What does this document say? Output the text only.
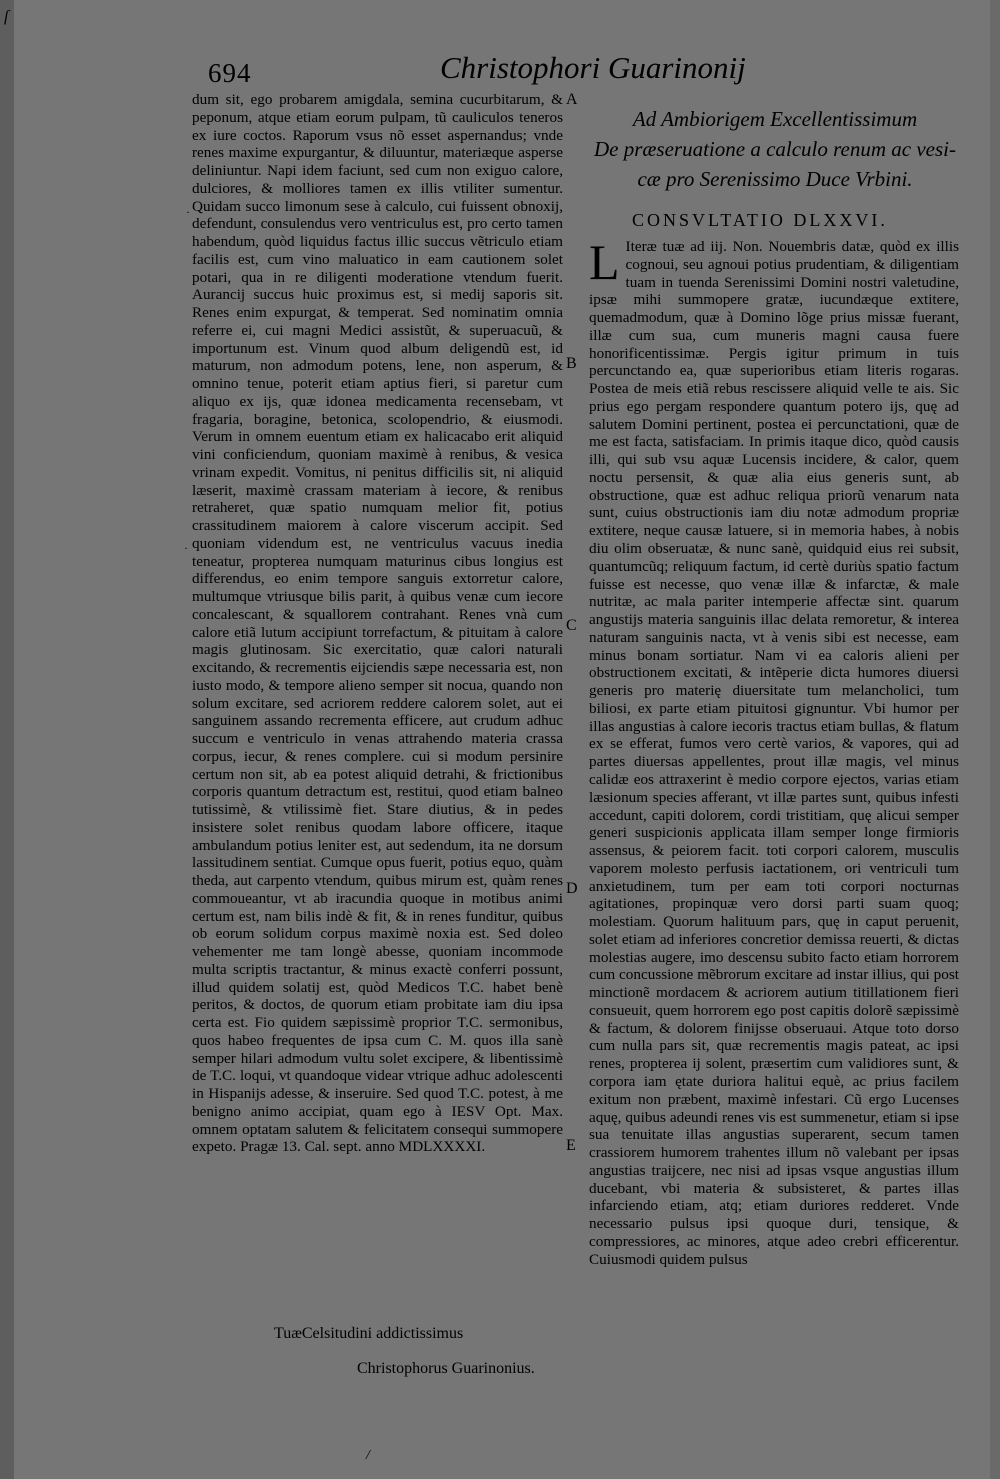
ſ
694	Christophori Guarinonij

dum sit, ego probarem amigdala, semina cucurbitarum, & peponum, atque etiam eorum pulpam, tũ cauliculos teneros ex iure coctos. Raporum vsus nõ esset aspernandus; vnde renes maxime expurgantur, & diluuntur, materiæque asperse deliniuntur. Napi idem faciunt, sed cum non exiguo calore, dulciores, & molliores tamen ex illis vtiliter sumentur. Quidam succo limonum sese à calculo, cui fuissent obnoxij, defendunt, consulendus vero ventriculus est, pro certo tamen habendum, quòd liquidus factus illic succus vẽtriculo etiam facilis est, cum vino maluatico in eam cautionem solet potari, qua in re diligenti moderatione vtendum fuerit. Aurancij succus huic proximus est, si medij saporis sit. Renes enim expurgat, & temperat. Sed nominatim omnia referre ei, cui magni Medici assistũt, & superuacuũ, & importunum est. Vinum quod album deligendũ est, id maturum, non admodum potens, lene, non asperum, & omnino tenue, poterit etiam aptius fieri, si paretur cum aliquo ex ijs, quæ idonea medicamenta recensebam, vt fragaria, boragine, betonica, scolopendrio, & eiusmodi. Verum in omnem euentum etiam ex halicacabo erit aliquid vini conficiendum, quoniam maximè à renibus, & vesica vrinam expedit. Vomitus, ni penitus difficilis sit, ni aliquid læserit, maximè crassam materiam à iecore, & renibus retraheret, quæ spatio numquam melior fit, potius crassitudinem maiorem à calore viscerum accipit. Sed quoniam videndum est, ne ventriculus vacuus inedia teneatur, propterea numquam maturinus cibus longius est differendus, eo enim tempore sanguis extorretur calore, multumque vtriusque bilis parit, à quibus venæ cum iecore concalescant, & squallorem contrahant. Renes vnà cum calore etiã lutum accipiunt torrefactum, & pituitam à calore magis glutinosam. Sic exercitatio, quæ calori naturali excitando, & recrementis eijciendis sæpe necessaria est, non iusto modo, & tempore alieno semper sit nocua, quando non solum excitare, sed acriorem reddere calorem solet, aut ei sanguinem assando recrementa efficere, aut crudum adhuc succum e ventriculo in venas attrahendo materia crassa corpus, iecur, & renes complere. cui si modum persinire certum non sit, ab ea potest aliquid detrahi, & frictionibus corporis quantum detractum est, restitui, quod etiam balneo tutissimè, & vtilissimè fiet. Stare diutius, & in pedes insistere solet renibus quodam labore officere, itaque ambulandum potius leniter est, aut sedendum, ita ne dorsum lassitudinem sentiat. Cumque opus fuerit, potius equo, quàm theda, aut carpento vtendum, quibus mirum est, quàm renes commoueantur, vt ab iracundia quoque in motibus animi certum est, nam bilis indè & fit, & in renes funditur, quibus ob eorum solidum corpus maximè noxia est. Sed doleo vehementer me tam longè abesse, quoniam incommode multa scriptis tractantur, & minus exactè conferri possunt, illud quidem solatij est, quòd Medicos T.C. habet benè peritos, & doctos, de quorum etiam probitate iam diu ipsa certa est. Fio quidem sæpissimè proprior T.C. sermonibus, quos habeo frequentes de ipsa cum C. M. quos illa sanè semper hilari admodum vultu solet excipere, & libentissimè de T.C. loqui, vt quandoque videar vtrique adhuc adolescenti in Hispanijs adesse, & inseruire. Sed quod T.C. potest, à me benigno animo accipiat, quam ego à IESV Opt. Max. omnem optatam salutem & felicitatem consequi summopere expeto. Pragæ 13. Cal. sept. anno MDLXXXXI.

·
·
A
B
C
D
E
TuæCelsitudini addictissimus
Christophorus Guarinonius.
Ad Ambiorigem Excellentissimum
De præseruatione a calculo renum ac vesi-
cæ pro Serenissimo Duce Vrbini.
CONSVLTATIO DLXXVI.
L Iteræ tuæ ad iij. Non. Nouembris datæ, quòd ex illis cognoui, seu agnoui potius prudentiam, & diligentiam tuam in tuenda Serenissimi Domini nostri valetudine, ipsæ mihi summopere gratæ, iucundæque extitere, quemadmodum, quæ à Domino lõge prius missæ fuerant, illæ cum sua, cum muneris magni causa fuere honorificentissimæ. Pergis igitur primum in tuis percunctando ea, quæ superioribus etiam literis rogaras. Postea de meis etiã rebus rescissere aliquid velle te ais. Sic prius ego pergam respondere quantum potero ijs, quę ad salutem Domini pertinent, postea ei percunctationi, quæ de me est facta, satisfaciam. In primis itaque dico, quòd causis illi, qui sub vsu aquæ Lucensis incidere, & calor, quem noctu persensit, & quæ alia eius generis sunt, ab obstructione, quæ est adhuc reliqua priorũ venarum nata sunt, cuius obstructionis iam diu notæ admodum propriæ extitere, neque causæ latuere, si in memoria habes, à nobis diu olim obseruatæ, & nunc sanè, quidquid eius rei subsit, quantumcũq; reliquum factum, id certè duriùs spatio factum fuisse est necesse, quo venæ illæ & infarctæ, & male nutritæ, ac mala pariter intemperie affectæ sint. quarum angustijs materia sanguinis illac delata remoretur, & interea naturam sanguinis nacta, vt à venis sibi est necesse, eam minus bonam sortiatur. Nam vi ea caloris alieni per obstructionem excitati, & intẽperie dicta humores diuersi generis pro materię diuersitate tum melancholici, tum biliosi, ex parte etiam pituitosi gignuntur. Vbi humor per illas angustias à calore iecoris tractus etiam bullas, & flatum ex se efferat, fumos vero certè varios, & vapores, qui ad partes diuersas appellentes, prout illæ magis, vel minus calidæ eos attraxerint è medio corpore ejectos, varias etiam læsionum species afferant, vt illæ partes sunt, quibus infesti accedunt, capiti dolorem, cordi tristitiam, quę alicui semper generi suspicionis applicata illam semper longe firmioris assensus, & peiorem facit. toti corpori calorem, musculis vaporem molesto perfusis iactationem, ori ventriculi tum anxietudinem, tum per eam toti corpori nocturnas agitationes, propinquæ vero dorsi parti suam quoq; molestiam. Quorum halituum pars, quę in caput peruenit, solet etiam ad inferiores concretior demissa reuerti, & dictas molestias augere, imo descensu subito facto etiam horrorem cum concussione mẽbrorum excitare ad instar illius, qui post minctionẽ mordacem & acriorem autium titillationem fieri consueuit, quem horrorem ego post capitis dolorẽ sæpissimè & factum, & dolorem finijsse obseruaui. Atque toto dorso cum nulla pars sit, quæ recrementis magis pateat, ac ipsi renes, propterea ij solent, præsertim cum validiores sunt, & corpora iam ętate duriora halitui equè, ac prius facilem exitum non præbent, maximè infestari. Cũ ergo Lucenses aquę, quibus adeundi renes vis est summenetur, etiam si ipse sua tenuitate illas angustias superarent, secum tamen crassiorem humorem trahentes illum nõ valebant per ipsas angustias traijcere, nec nisi ad ipsas vsque angustias illum ducebant, vbi materia & subsisteret, & partes illas infarciendo etiam, atq; etiam duriores redderet. Vnde necessario pulsus ipsi quoque duri, tensique, & compressiores, ac minores, atque adeo crebri efficerentur. Cuiusmodi quidem pulsus

/
